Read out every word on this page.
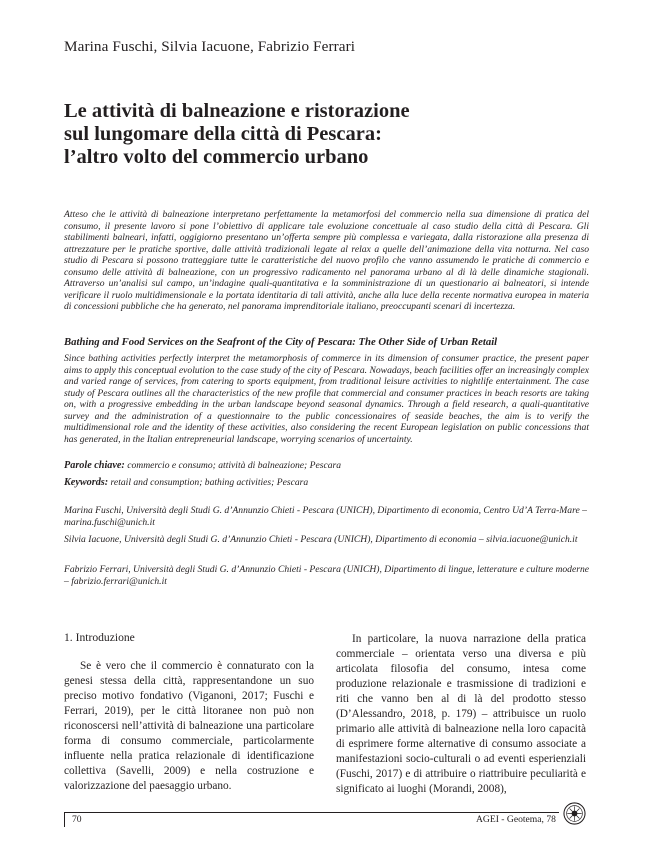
Marina Fuschi, Silvia Iacuone, Fabrizio Ferrari
Le attività di balneazione e ristorazione
sul lungomare della città di Pescara:
l’altro volto del commercio urbano

Atteso che le attività di balneazione interpretano perfettamente la metamorfosi del commercio nella sua dimensione di pratica del consumo, il presente lavoro si pone l’obiettivo di applicare tale evoluzione concettuale al caso studio della città di Pescara. Gli stabilimenti balneari, infatti, oggigiorno presentano un’offerta sempre più complessa e variegata, dalla ristorazione alla presenza di attrezzature per le pratiche sportive, dalle attività tradizionali legate al relax a quelle dell’animazione della vita notturna. Nel caso studio di Pescara si possono tratteggiare tutte le caratteristiche del nuovo profilo che vanno assumendo le pratiche di commercio e consumo delle attività di balneazione, con un progressivo radicamento nel panorama urbano al di là delle dinamiche stagionali. Attraverso un’analisi sul campo, un’indagine quali-quantitativa e la somministrazione di un questionario ai balneatori, si intende verificare il ruolo multidimensionale e la portata identitaria di tali attività, anche alla luce della recente normativa europea in materia di concessioni pubbliche che ha generato, nel panorama imprenditoriale italiano, preoccupanti scenari di incertezza.

Bathing and Food Services on the Seafront of the City of Pescara: The Other Side of Urban Retail

Since bathing activities perfectly interpret the metamorphosis of commerce in its dimension of consumer practice, the present paper aims to apply this conceptual evolution to the case study of the city of Pescara. Nowadays, beach facilities offer an increasingly complex and varied range of services, from catering to sports equipment, from traditional leisure activities to nightlife entertainment. The case study of Pescara outlines all the characteristics of the new profile that commercial and consumer practices in beach resorts are taking on, with a progressive embedding in the urban landscape beyond seasonal dynamics. Through a field research, a quali-quantitative survey and the administration of a questionnaire to the public concessionaires of seaside beaches, the aim is to verify the multidimensional role and the identity of these activities, also considering the recent European legislation on public concessions that has generated, in the Italian entrepreneurial landscape, worrying scenarios of uncertainty.

Parole chiave: commercio e consumo; attività di balneazione; Pescara
Keywords: retail and consumption; bathing activities; Pescara

Marina Fuschi, Università degli Studi G. d’Annunzio Chieti - Pescara (UNICH), Dipartimento di economia, Centro Ud’A Terra-Mare – marina.fuschi@unich.it

Silvia Iacuone, Università degli Studi G. d’Annunzio Chieti - Pescara (UNICH), Dipartimento di economia – silvia.iacuone@unich.it

Fabrizio Ferrari, Università degli Studi G. d’Annunzio Chieti - Pescara (UNICH), Dipartimento di lingue, letterature e culture moderne – fabrizio.ferrari@unich.it

1. Introduzione

Se è vero che il commercio è connaturato con la genesi stessa della città, rappresentandone un suo preciso motivo fondativo (Viganoni, 2017; Fuschi e Ferrari, 2019), per le città litoranee non può non riconoscersi nell’attività di balneazione una particolare forma di consumo commerciale, particolarmente influente nella pratica relazionale di identificazione collettiva (Savelli, 2009) e nella costruzione e valorizzazione del paesaggio urbano.

In particolare, la nuova narrazione della pratica commerciale – orientata verso una diversa e più articolata filosofia del consumo, intesa come produzione relazionale e trasmissione di tradizioni e riti che vanno ben al di là del prodotto stesso (D’Alessandro, 2018, p. 179) – attribuisce un ruolo primario alle attività di balneazione nella loro capacità di esprimere forme alternative di consumo associate a manifestazioni socio-culturali o ad eventi esperienziali (Fuschi, 2017) e di attribuire o riattribuire peculiarità e significato ai luoghi (Morandi, 2008),

70	AGEI - Geotema, 78
